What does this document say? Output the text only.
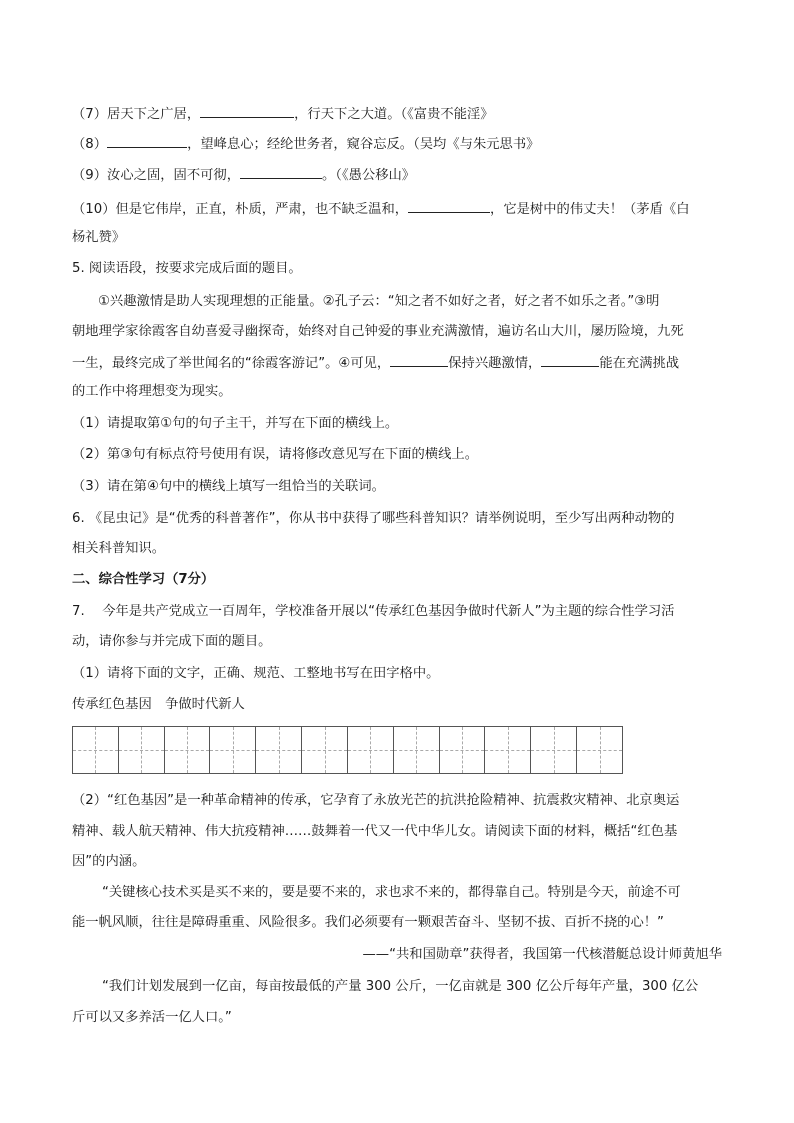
（7）居天下之广居，	，行天下之大道。（《富贵不能淫》
（8）	，望峰息心；经纶世务者，窥谷忘反。（吴均《与朱元思书》
（9）汝心之固，固不可彻，	。（《愚公移山》
（10）但是它伟岸，正直，朴质，严肃，也不缺乏温和，	，它是树中的伟丈夫！（茅盾《白
杨礼赞》
5. 阅读语段，按要求完成后面的题目。
①兴趣激情是助人实现理想的正能量。②孔子云：“知之者不如好之者，好之者不如乐之者。”③明
朝地理学家徐霞客自幼喜爱寻幽探奇，始终对自己钟爱的事业充满激情，遍访名山大川，屡历险境，九死
一生，最终完成了举世闻名的“徐霞客游记”。④可见，	保持兴趣激情，	能在充满挑战
的工作中将理想变为现实。
（1）请提取第①句的句子主干，并写在下面的横线上。
（2）第③句有标点符号使用有误，请将修改意见写在下面的横线上。
（3）请在第④句中的横线上填写一组恰当的关联词。
6. 《昆虫记》是“优秀的科普著作”，你从书中获得了哪些科普知识？请举例说明，至少写出两种动物的
相关科普知识。
二、综合性学习（7分）
7.　 今年是共产党成立一百周年，学校准备开展以“传承红色基因争做时代新人”为主题的综合性学习活
动，请你参与并完成下面的题目。
（1）请将下面的文字，正确、规范、工整地书写在田字格中。
传承红色基因　争做时代新人
（2）“红色基因”是一种革命精神的传承，它孕育了永放光芒的抗洪抢险精神、抗震救灾精神、北京奥运
精神、载人航天精神、伟大抗疫精神……鼓舞着一代又一代中华儿女。请阅读下面的材料，概括“红色基
因”的内涵。
“关键核心技术买是买不来的，要是要不来的，求也求不来的，都得靠自己。特别是今天，前途不可
能一帆风顺，往往是障碍重重、风险很多。我们必须要有一颗艰苦奋斗、坚韧不拔、百折不挠的心！”
——“共和国勋章”获得者，我国第一代核潜艇总设计师黄旭华
“我们计划发展到一亿亩，每亩按最低的产量 300 公斤，一亿亩就是 300 亿公斤每年产量，300 亿公
斤可以又多养活一亿人口。”
